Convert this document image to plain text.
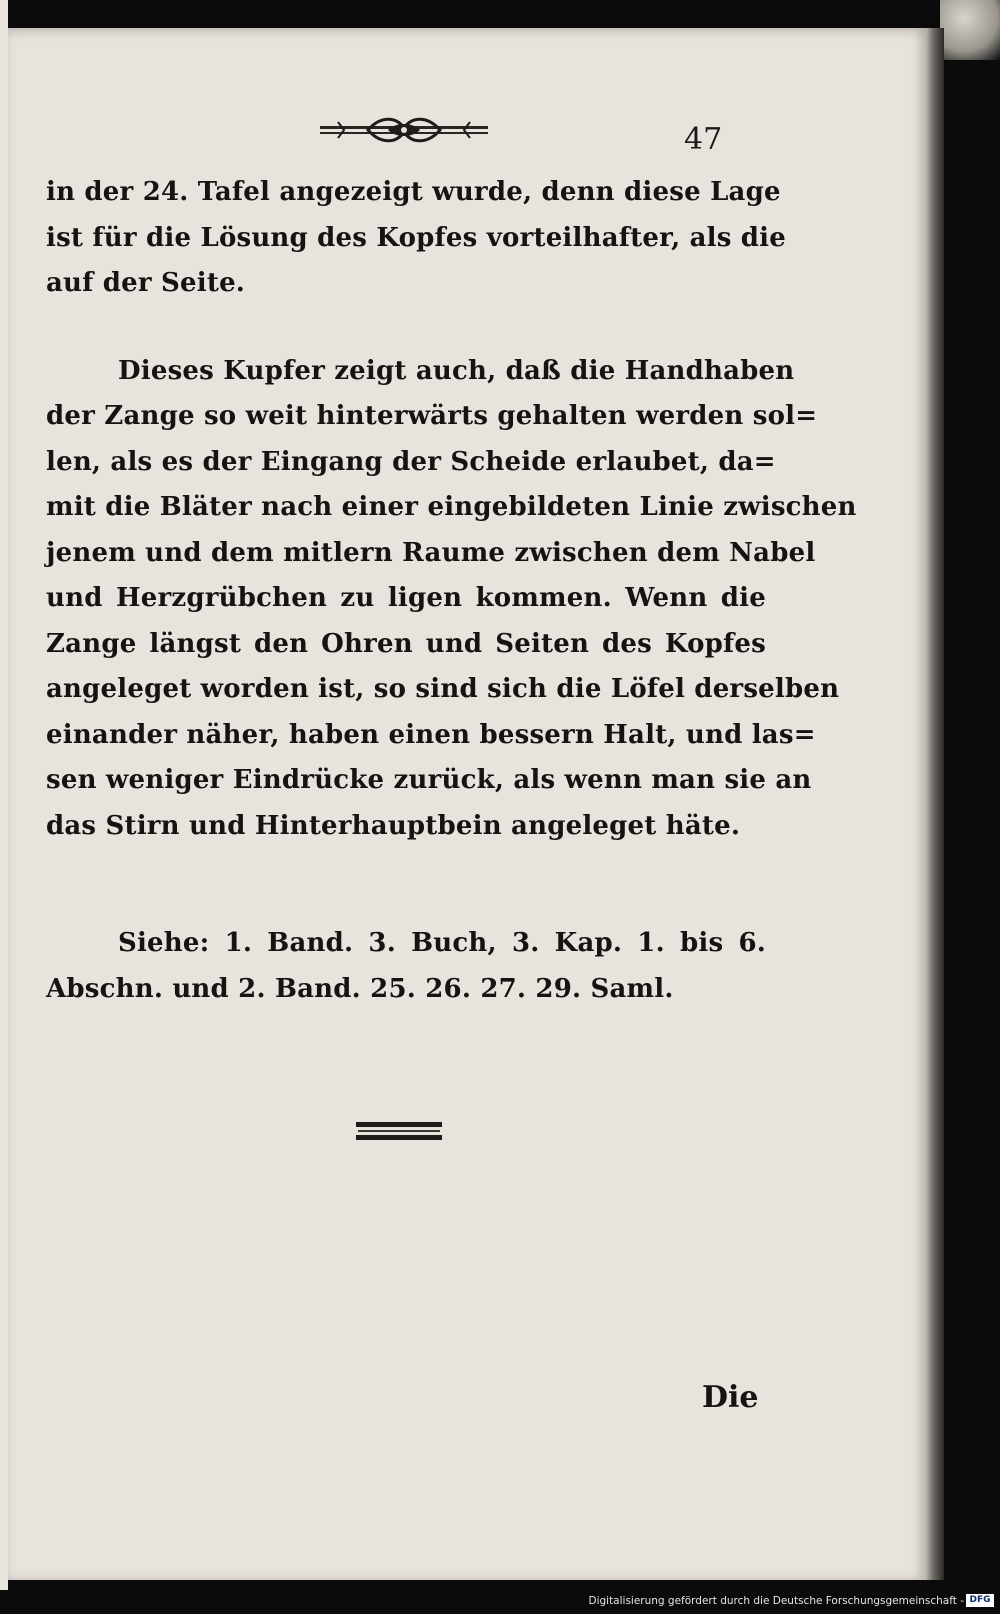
47
in der 24. Tafel angezeigt wurde, denn diese Lage
ist für die Lösung des Kopfes vorteilhafter, als die
auf der Seite.
Dieses Kupfer zeigt auch, daß die Handhaben
der Zange so weit hinterwärts gehalten werden sol=
len, als es der Eingang der Scheide erlaubet, da=
mit die Bläter nach einer eingebildeten Linie zwischen
jenem und dem mitlern Raume zwischen dem Nabel
und Herzgrübchen zu ligen kommen. Wenn die
Zange längst den Ohren und Seiten des Kopfes
angeleget worden ist, so sind sich die Löfel derselben
einander näher, haben einen bessern Halt, und las=
sen weniger Eindrücke zurück, als wenn man sie an
das Stirn und Hinterhauptbein angeleget häte.
Siehe: 1. Band. 3. Buch, 3. Kap. 1. bis 6.
Abschn. und 2. Band. 25. 26. 27. 29. Saml.
Die
Digitalisierung gefördert durch die Deutsche Forschungsgemeinschaft - DFG
